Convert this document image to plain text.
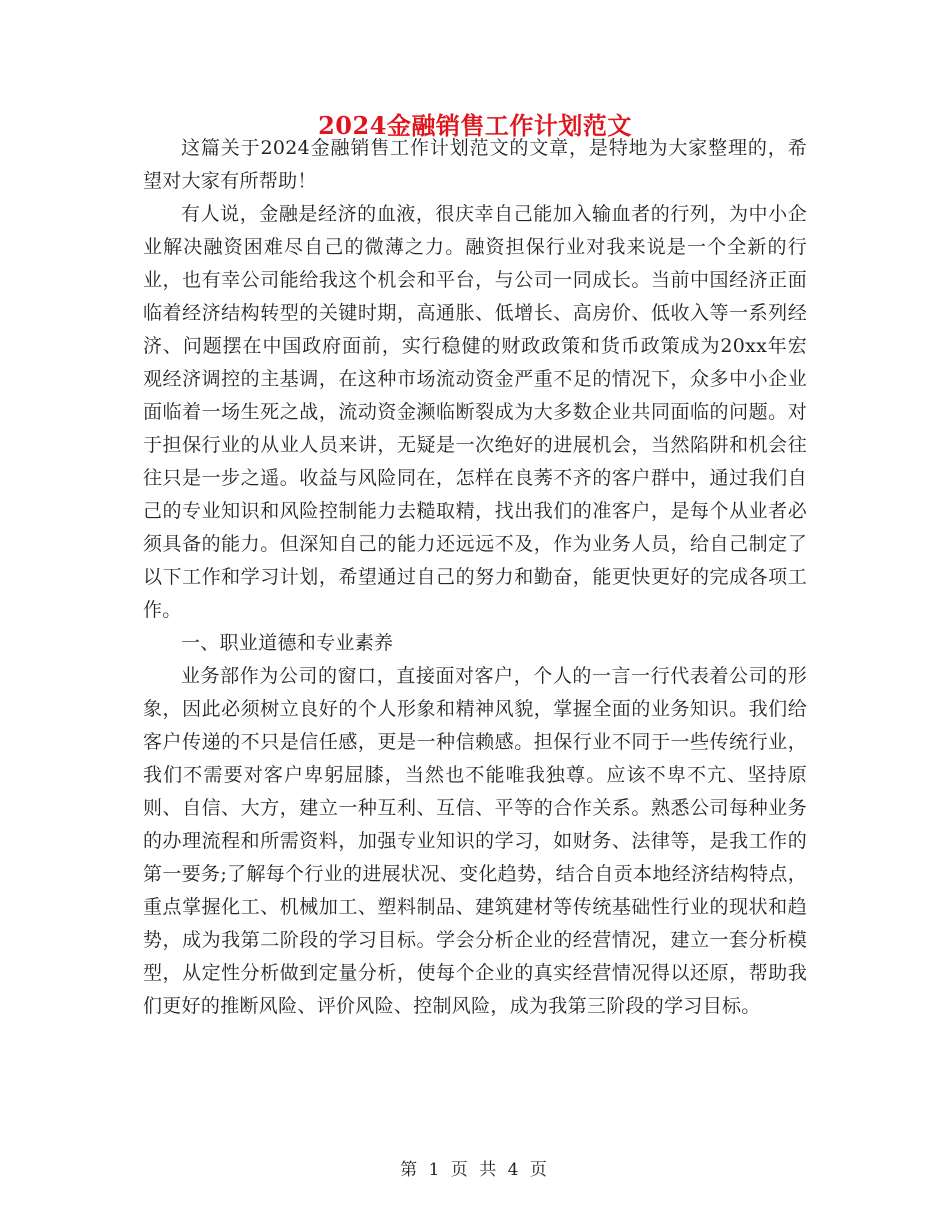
2024金融销售工作计划范文

这篇关于2024金融销售工作计划范文的文章，是特地为大家整理的，希望对大家有所帮助！

有人说，金融是经济的血液，很庆幸自己能加入输血者的行列，为中小企业解决融资困难尽自己的微薄之力。融资担保行业对我来说是一个全新的行业，也有幸公司能给我这个机会和平台，与公司一同成长。当前中国经济正面临着经济结构转型的关键时期，高通胀、低增长、高房价、低收入等一系列经济、问题摆在中国政府面前，实行稳健的财政政策和货币政策成为20xx年宏观经济调控的主基调，在这种市场流动资金严重不足的情况下，众多中小企业面临着一场生死之战，流动资金濒临断裂成为大多数企业共同面临的问题。对于担保行业的从业人员来讲，无疑是一次绝好的进展机会，当然陷阱和机会往往只是一步之遥。收益与风险同在，怎样在良莠不齐的客户群中，通过我们自己的专业知识和风险控制能力去糙取精，找出我们的准客户，是每个从业者必须具备的能力。但深知自己的能力还远远不及，作为业务人员，给自己制定了以下工作和学习计划，希望通过自己的努力和勤奋，能更快更好的完成各项工作。

一、职业道德和专业素养

业务部作为公司的窗口，直接面对客户，个人的一言一行代表着公司的形象，因此必须树立良好的个人形象和精神风貌，掌握全面的业务知识。我们给客户传递的不只是信任感，更是一种信赖感。担保行业不同于一些传统行业，我们不需要对客户卑躬屈膝，当然也不能唯我独尊。应该不卑不亢、坚持原则、自信、大方，建立一种互利、互信、平等的合作关系。熟悉公司每种业务的办理流程和所需资料，加强专业知识的学习，如财务、法律等，是我工作的第一要务;了解每个行业的进展状况、变化趋势，结合自贡本地经济结构特点，重点掌握化工、机械加工、塑料制品、建筑建材等传统基础性行业的现状和趋势，成为我第二阶段的学习目标。学会分析企业的经营情况，建立一套分析模型，从定性分析做到定量分析，使每个企业的真实经营情况得以还原，帮助我们更好的推断风险、评价风险、控制风险，成为我第三阶段的学习目标。

第 1 页 共 4 页
